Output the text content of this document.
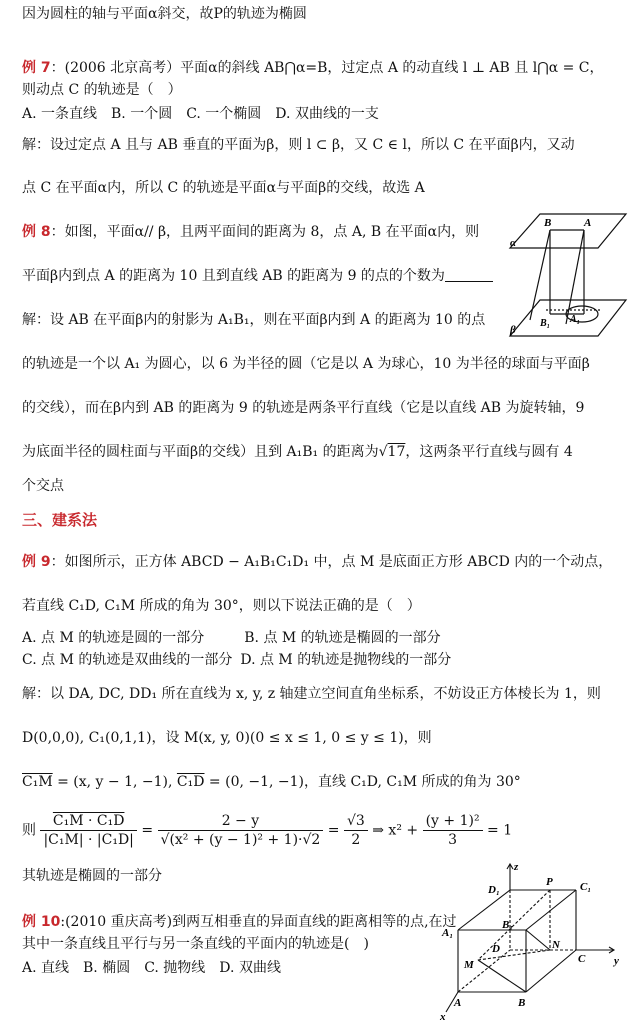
因为圆柱的轴与平面α斜交，故P的轨迹为椭圆
例 7：(2006 北京高考）平面α的斜线 AB⋂α=B，过定点 A 的动直线 l ⊥ AB 且 l⋂α = C，
则动点 C 的轨迹是（　）
A. 一条直线　B. 一个圆　C. 一个椭圆　D. 双曲线的一支
解：设过定点 A 且与 AB 垂直的平面为β，则 l ⊂ β，又 C ∈ l，所以 C 在平面β内，又动
点 C 在平面α内，所以 C 的轨迹是平面α与平面β的交线，故选 A
例 8：如图，平面α// β，且两平面间的距离为 8，点 A, B 在平面α内，则
平面β内到点 A 的距离为 10 且到直线 AB 的距离为 9 的点的个数为
解：设 AB 在平面β内的射影为 A₁B₁，则在平面β内到 A 的距离为 10 的点
的轨迹是一个以 A₁ 为圆心，以 6 为半径的圆（它是以 A 为球心，10 为半径的球面与平面β
的交线），而在β内到 AB 的距离为 9 的轨迹是两条平行直线（它是以直线 AB 为旋转轴，9
为底面半径的圆柱面与平面β的交线）且到 A₁B₁ 的距离为√17，这两条平行直线与圆有 4
个交点
α
β
B	A
B₁ A₁
三、建系法
例 9：如图所示，正方体 ABCD − A₁B₁C₁D₁ 中，点 M 是底面正方形 ABCD 内的一个动点，
若直线 C₁D, C₁M 所成的角为 30°，则以下说法正确的是（　）
A. 点 M 的轨迹是圆的一部分	B. 点 M 的轨迹是椭圆的一部分
C. 点 M 的轨迹是双曲线的一部分 D. 点 M 的轨迹是抛物线的一部分
解：以 DA, DC, DD₁ 所在直线为 x, y, z 轴建立空间直角坐标系，不妨设正方体棱长为 1，则
D(0,0,0), C₁(0,1,1)，设 M(x, y, 0)(0 ≤ x ≤ 1, 0 ≤ y ≤ 1)，则
C₁M = (x, y − 1, −1), C₁D = (0, −1, −1)，直线 C₁D, C₁M 所成的角为 30°
则 $\frac{\text{C₁M · C₁D}}{\text{|C₁M| · |C₁D|}} = \frac{2 - y}{\text{√(x² + (y − 1)² + 1)·√2}} = \frac{√3}{2}$ ⇒ $x^2 + \frac{\text{(y + 1)²}}{3} = 1$
其轨迹是椭圆的一部分
例 10:(2010 重庆高考)到两互相垂直的异面直线的距离相等的点,在过
其中一条直线且平行与另一条直线的平面内的轨迹是(　)
A. 直线　B. 椭圆　C. 抛物线　D. 双曲线
z
y
x
D₁
P C₁
A₁
B₁
D	N
C
M
A	B
